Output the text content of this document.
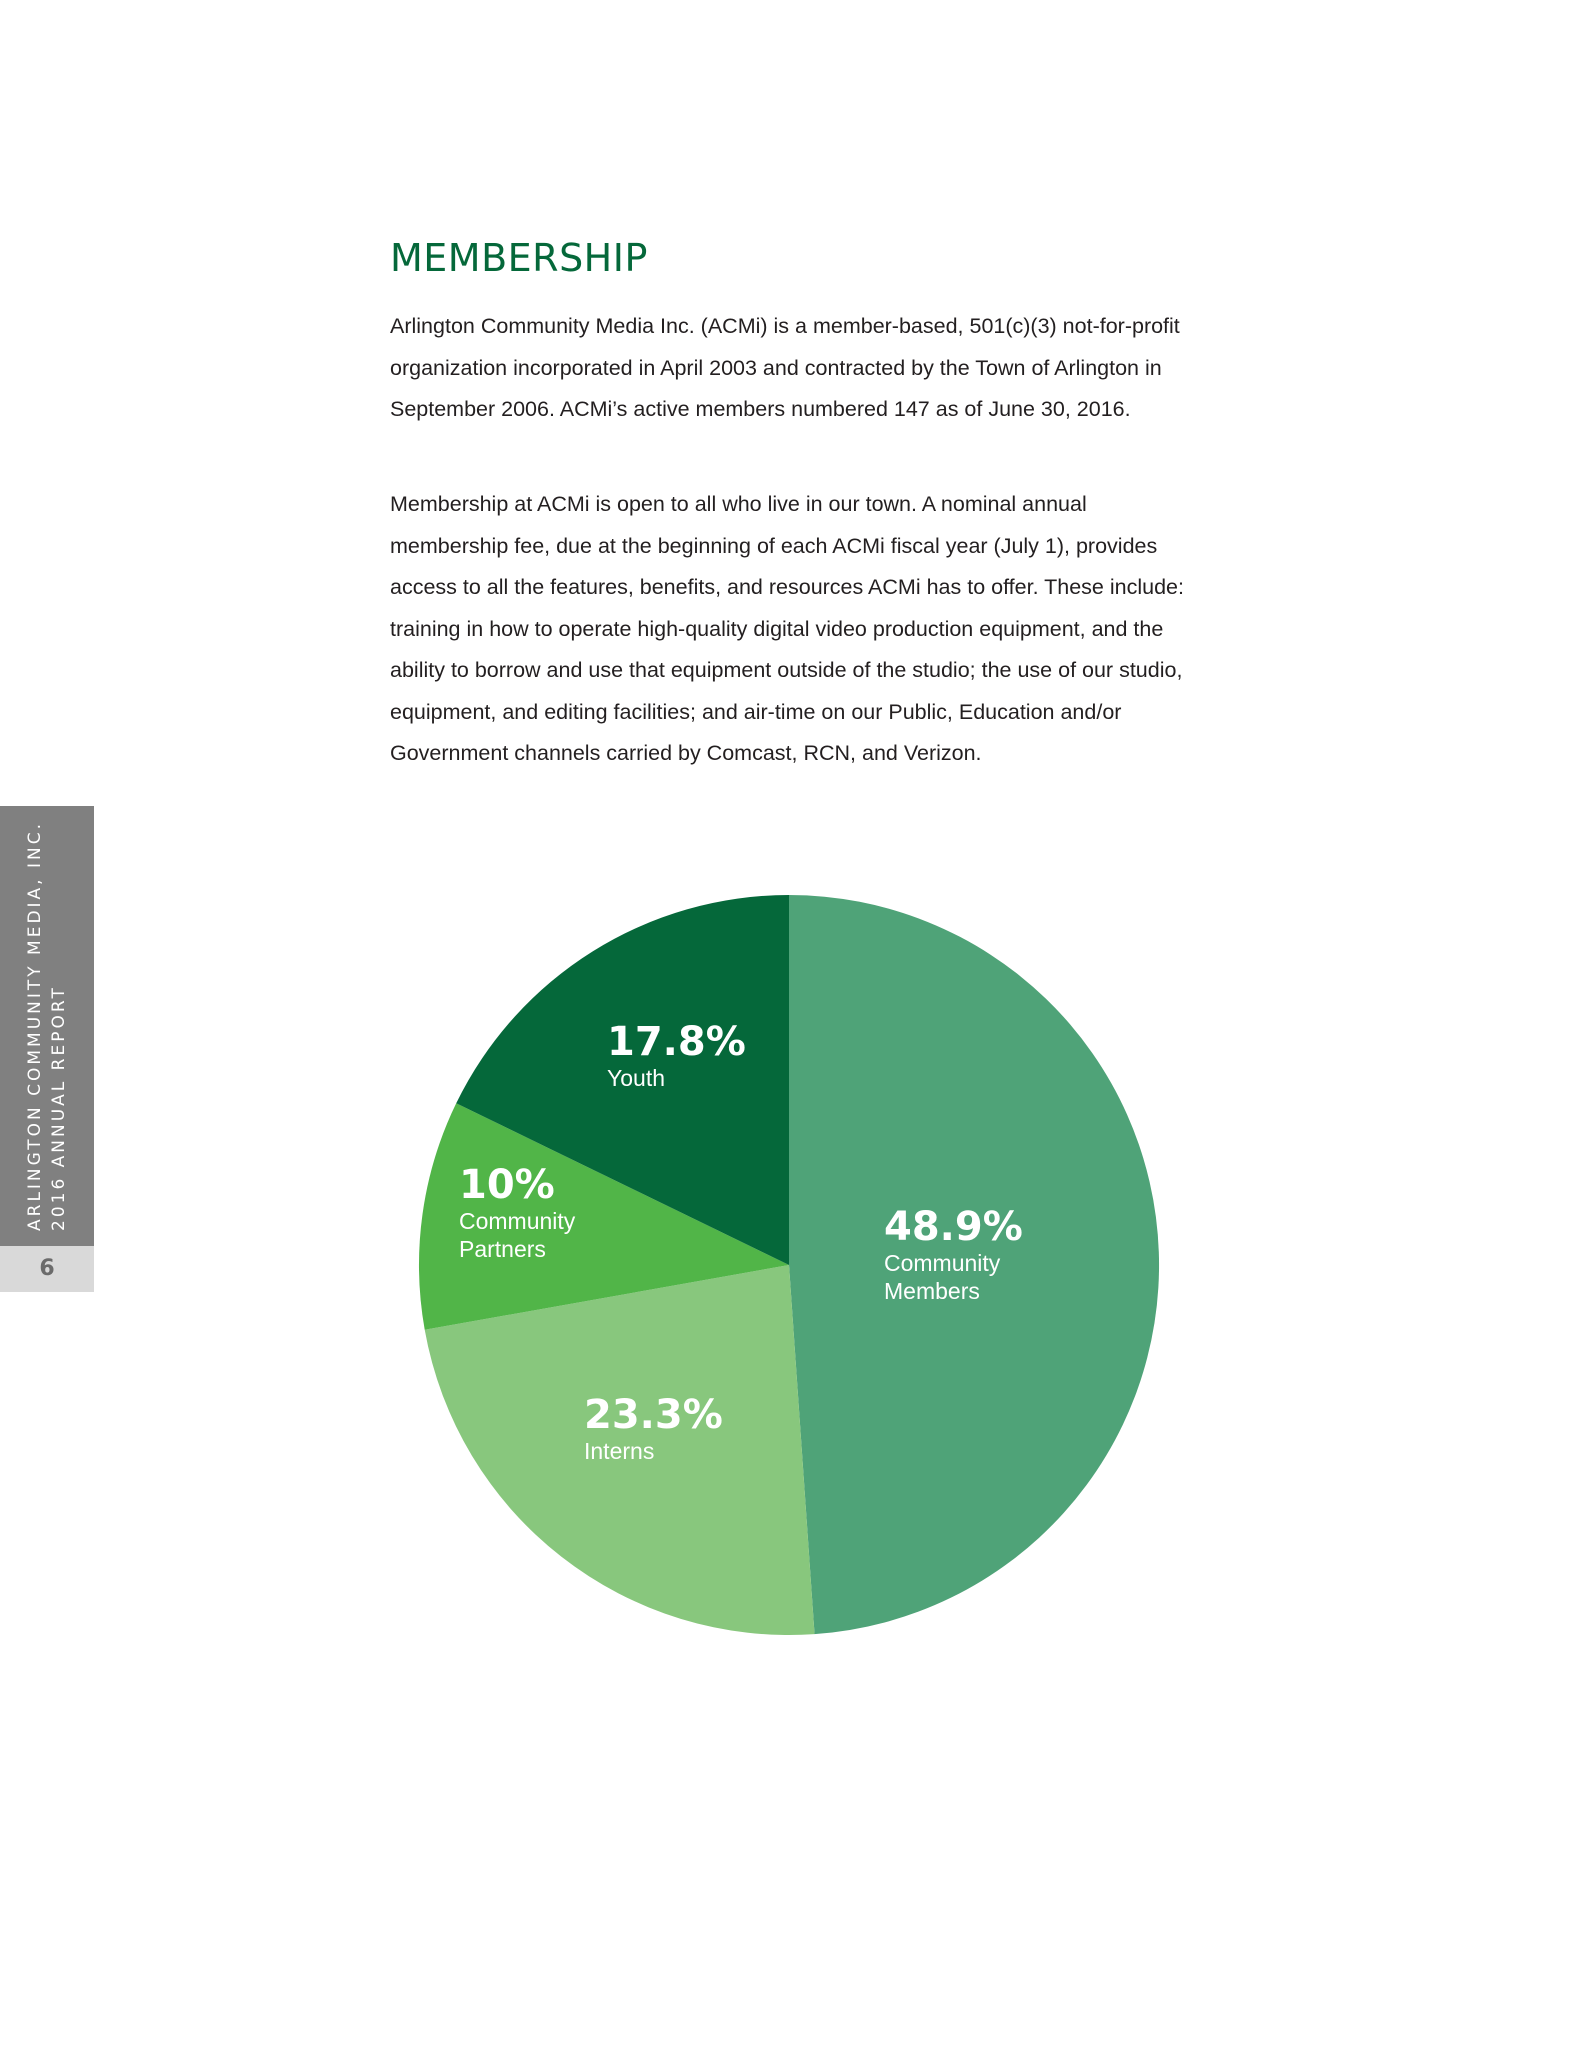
ARLINGTON COMMUNITY MEDIA, INC. 2016 ANNUAL REPORT
6
MEMBERSHIP

Arlington Community Media Inc. (ACMi) is a member-based, 501(c)(3) not-for-profit organization incorporated in April 2003 and contracted by the Town of Arlington in September 2006. ACMi’s active members numbered 147 as of June 30, 2016.

Membership at ACMi is open to all who live in our town. A nominal annual membership fee, due at the beginning of each ACMi fiscal year (July 1), provides access to all the features, benefits, and resources ACMi has to offer. These include: training in how to operate high-quality digital video production equipment, and the ability to borrow and use that equipment outside of the studio; the use of our studio, equipment, and editing facilities; and air-time on our Public, Education and/or Government channels carried by Comcast, RCN, and Verizon.

48.9%
Community Members
23.3%
Interns
10%
Community Partners
17.8%
Youth
